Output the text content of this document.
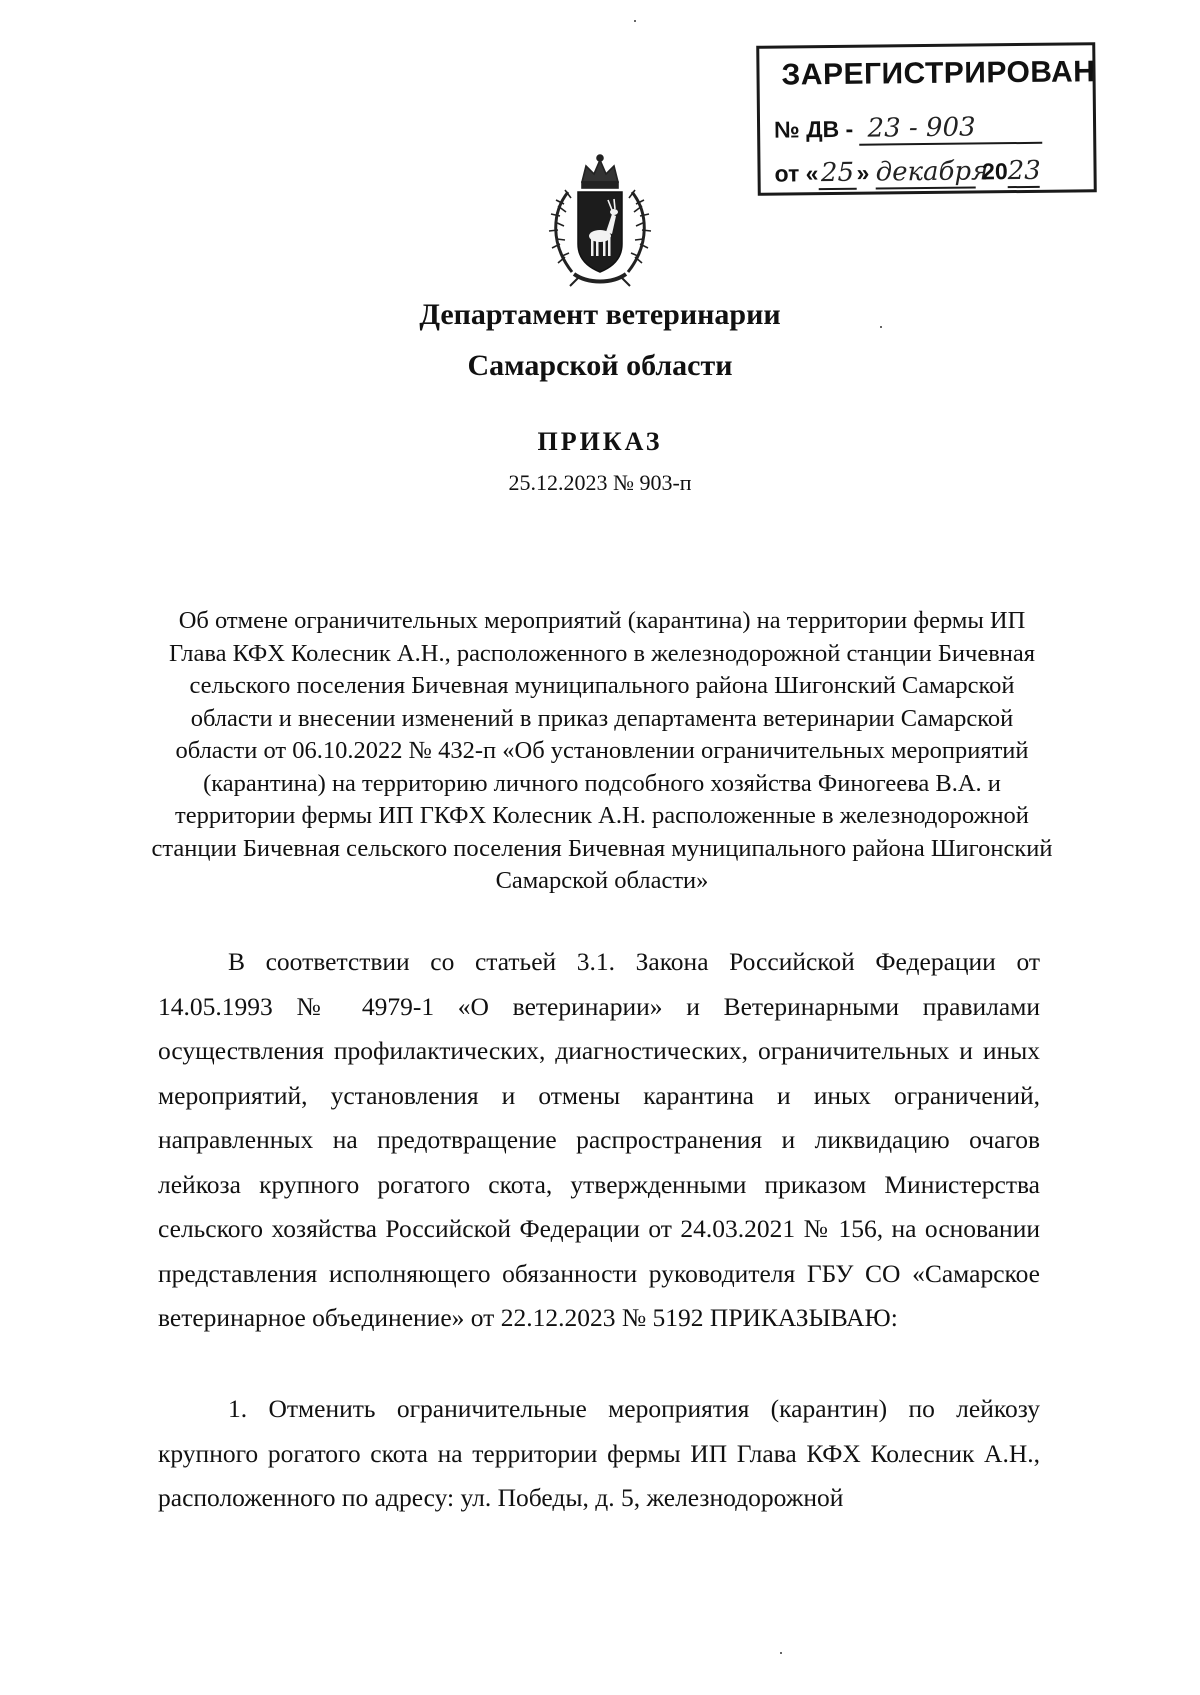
ЗАРЕГИСТРИРОВАН
№ ДВ - 23 - 903
от «25» декабря 2023
Департамент ветеринарии
Самарской области
ПРИКАЗ
25.12.2023 № 903-п

Об отмене ограничительных мероприятий (карантина) на территории фермы ИП Глава КФХ Колесник А.Н., расположенного в железнодорожной станции Бичевная сельского поселения Бичевная муниципального района Шигонский Самарской области и внесении изменений в приказ департамента ветеринарии Самарской области от 06.10.2022 № 432-п «Об установлении ограничительных мероприятий (карантина) на территорию личного подсобного хозяйства Финогеева В.А. и территории фермы ИП ГКФХ Колесник А.Н. расположенные в железнодорожной станции Бичевная сельского поселения Бичевная муниципального района Шигонский Самарской области»

В соответствии со статьей 3.1. Закона Российской Федерации от 14.05.1993 № 4979-1 «О ветеринарии» и Ветеринарными правилами осуществления профилактических, диагностических, ограничительных и иных мероприятий, установления и отмены карантина и иных ограничений, направленных на предотвращение распространения и ликвидацию очагов лейкоза крупного рогатого скота, утвержденными приказом Министерства сельского хозяйства Российской Федерации от 24.03.2021 № 156, на основании представления исполняющего обязанности руководителя ГБУ СО «Самарское ветеринарное объединение» от 22.12.2023 № 5192 ПРИКАЗЫВАЮ:

1. Отменить ограничительные мероприятия (карантин) по лейкозу крупного рогатого скота на территории фермы ИП Глава КФХ Колесник А.Н., расположенного по адресу: ул. Победы, д. 5, железнодорожной
